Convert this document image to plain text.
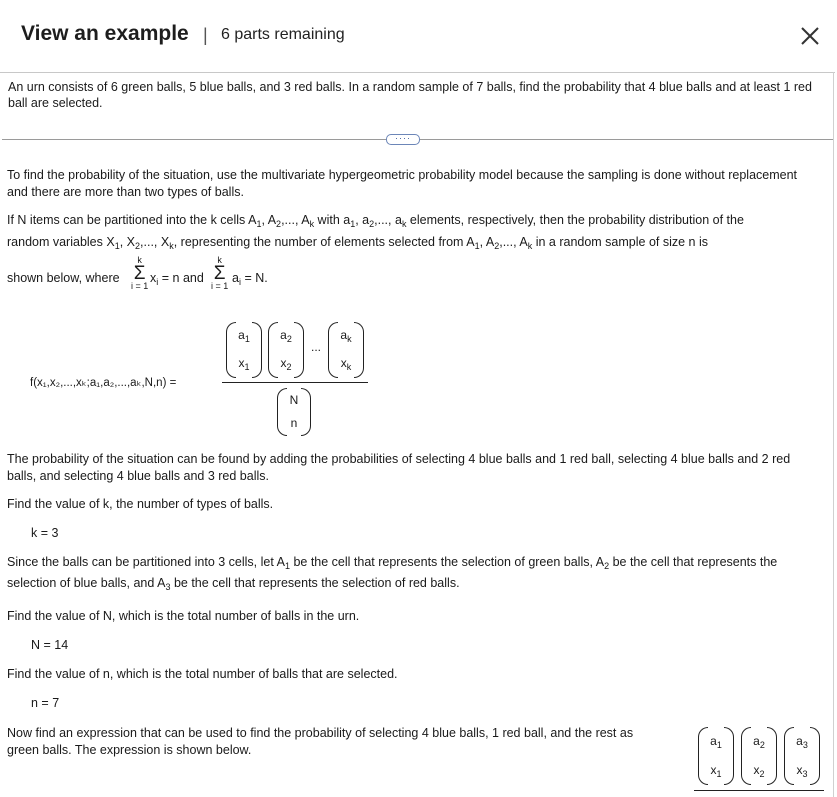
View an example | 6 parts remaining
An urn consists of 6 green balls, 5 blue balls, and 3 red balls. In a random sample of 7 balls, find the probability that 4 blue balls and at least 1 red ball are selected.
····
To find the probability of the situation, use the multivariate hypergeometric probability model because the sampling is done without replacement and there are more than two types of balls.
If N items can be partitioned into the k cells $A_1$, $A_2$,..., $A_k$ with $a_1$, $a_2$,..., $a_k$ elements, respectively, then the probability distribution of the
random variables $X_1$, $X_2$,..., $X_k$, representing the number of elements selected from $A_1$, $A_2$,..., $A_k$ in a random sample of size n is
shown below, where
k
Σ
i = 1
$x_i = n$ and
k
Σ
i = 1
$a_i = N$.
f(x₁,x₂,...,xₖ;a₁,a₂,...,aₖ,N,n) =
$a_1$
$x_1$
$a_2$
$x_2$
...
$a_k$
$x_k$
N
n
The probability of the situation can be found by adding the probabilities of selecting 4 blue balls and 1 red ball, selecting 4 blue balls and 2 red balls, and selecting 4 blue balls and 3 red balls.
Find the value of k, the number of types of balls.
k = 3
Since the balls can be partitioned into 3 cells, let $A_1$ be the cell that represents the selection of green balls, $A_2$ be the cell that represents the
selection of blue balls, and $A_3$ be the cell that represents the selection of red balls.
Find the value of N, which is the total number of balls in the urn.
N = 14
Find the value of n, which is the total number of balls that are selected.
n = 7
Now find an expression that can be used to find the probability of selecting 4 blue balls, 1 red ball, and the rest as green balls. The expression is shown below.
$a_1$
$x_1$
$a_2$
$x_2$
$a_3$
$x_3$
